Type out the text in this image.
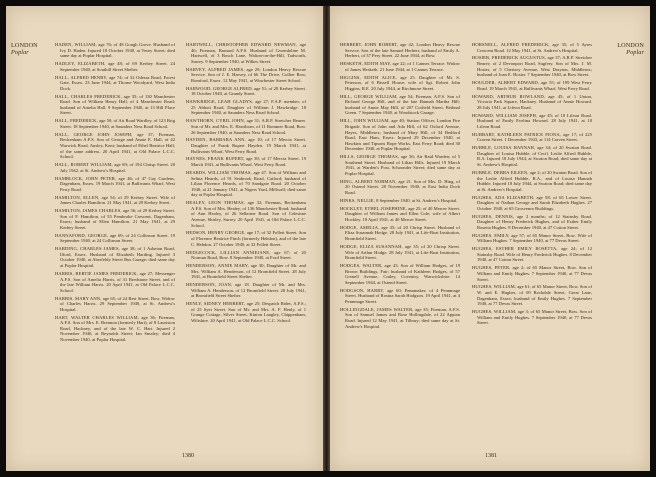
LONDON
Poplar

HADEN, WILLIAM, age 76; of 48 Gough Grove. Husband of Ivy D. Haden. Injured 18 October 1940, at Vesey Street; died same day at Poplar Hospital.

HADLEY, ELIZABETH, age 48; of 69 Kerbey Street. 24 September 1940, at Southill Street Shelter.

HALL, ALFRED HENRY, age 74; of 32 Odessa Road, Forest Gate, Essex. 23 June 1944, at Thorne Woodyard, West India Dock.

HALL, CHARLES FREDERICK, age 35; of 130 Manchester Road. Son of William Henry Hall, of 4 Manchester Road; husband of Amelia Hall. 9 September 1940, at 13 Hill Place Street.

HALL, FREDERICK, age 50; of Ait Road Wardley, of 123 Brig Street. 18 September 1940, at Saunders Ness Road School.

HALL, GEORGE JOHN JOSEPH, age 37; Fireman, Beckenham A.F.S. Son of George and Annie E. Hall, of 42 Warwick Road, Ansley, Kent; husband of Ethel Beatrice Hall, of the same address. 20 April 1941, at Old Palace L.C.C. School.

HALL, ROBERT WILLIAM, age 69; of 194 Chrisp Street. 20 July 1942, at St. Andrew's Hospital.

HAMBLOCK, JOHN PETER, age 46; of 47 Gay Gardens, Dagenham, Essex. 19 March 1941, at Bullivants Wharf, West Ferry Road.

HAMILTON, ELLEN, age 54; of 29 Kerbey Street. Wife of James Charles Hamilton. 21 May 1941, at 29 Kerbey Street.

HAMILTON, JAMES CHARLES, age 56; of 29 Kerbey Street. Son of F. Hamilton, of 55 Pembroke Crescent, Dagenham, Essex; husband of Ellen Hamilton. 21 May 1941, at 29 Kerbey Street.

HANNAFORD, GEORGE, age 69; of 24 Collinson Street. 19 September 1940, at 24 Collinson Street.

HARDING, CHARLES JAMES, age 38; of 1 Asheton Road, Ilford, Essex. Husband of Elizabeth Harding. Injured 3 October 1940, at Aberfeldy Street Bus Garage; died same day at Poplar Hospital.

HARRIS, BERTIE JAMES FREDERICK, age 27; Messenger A.F.S. Son of Amelia Harris, of 31 Bredstone Street, and of the late William Harris. 20 April 1941, at Old Palace L.C.C. School.

HARRIS, MARY ANN, age 65; of 24 Rest Street, Bow. Widow of Charles Harris. 29 September 1940, at St. Andrew's Hospital.

HART, WALTER CHARLES WILLIAM, age 36; Fireman, A.F.S. Son of Mrs. E. Brennon (formerly Hart), of 8 Lauriston Road, Hackney, and of the late W. C. Hart. Injured 2 November 1940, at Reynolds Street; Ian Smaley; died 4 November 1940, at Poplar Hospital.

HARTWELL, CHRISTOPHER EDWARD NEWMAN, age 46; Fireman, Barnard A.F.S. Husband of Gwendoline M. Hartwell, of 3 Bosch Lane, Walton-on-the-Hill, Tadworth, Surrey. 9 September 1940, at Wilkes Street.

HARVEY, ALFRED JAMES, age 29; London Heavy Rescue Service. Son of J. E. Harvey, of 66 The Drive, Collier Row, Romford, Essex. 12 May 1941, at Winchester Street School.

HARWOOD, GEORGE ALFRED, age 51; of 28 Kerbey Street. 18 October 1940, at Grundy Street.

HAWKRIDGE, LEAH GLADYS, age 27; F.A.P. member; of 25 Abbott Road. Daughter of William J. Hawkridge. 18 September 1940, at Saunders Ness Road School.

HAWTHORN, CYRIL JOHN, age 31; A.R.P. Stretcher Bearer. Son of Mr. and Mrs. E. Hawthorn, of 11 Rommer Road, Bow. 26 September 1940, at Saunders Ness Road School.

HAYDEN, BARBARA ANN, age 10; of 17 Mercia Street. Daughter of Frank Rupert Hayden. 19 March 1941, at Bullivants Wharf, West Ferry Road.

HAYNES, FRANK RUPERT, age 39; of 17 Mercia Street. 19 March 1941, at Bullivants Wharf, West Ferry Road.

HEARDS, WILLIAM THOMAS, age 47. Son of William and Selina Heards, of 91 Seabrook Road, Catford; husband of Lilian Florence Heards, of 70 Sandgate Road. 20 October 1940, at 21 January 1941, at Nigers Yard, Millwall; died same day at Poplar Hospital.

HEALEY, LEON THOMAS, age 32; Fireman, Beckenham A.F.S. Son of Mrs. Healey, of 136 Manchester Road; husband of Ann Healey, of 26 Selborne Road. Son of Celestine Avenue, Shirley, Surrey. 20 April 1941, at Old Palace L.C.C. School.

HEDSON, HENRY GEORGE, age 17; of 32 Follett Street. Son of Florence Beatrice Finch (formerly Hebdon), and of the late C. Hebdon. 27 October 1940, at 32 Follett Street.

HEDGECOCK, LILLIAN ANNIEJANE, age 67; of 20 Norman Road, Bow. 8 September 1940, at Ford Street.

HENDERSON, ANNIE MARY, age 30; Daughter of Mr. and Mrs. William A. Henderson, of 12 Bromfield Street. 28 July 1941, at Bromfield Street Shelter.

HENDERSON, JOAN, age 18. Daughter of Mr. and Mrs. William A. Henderson, of 12 Bromfield Street. 28 July 1941, at Bromfield Street Shelter.

HENLY, SIDNEY HERBERT, age 25; Despatch Rider, A.F.S.; of 25 Syer Street. Son of Mr. and Mrs. A. F. Henly, of 1 Grange Cottage, Silver Street, Kinton Langley, Chippenham, Wiltshire. 20 April 1941, at Old Palace L.C.C. School.

1380
LONDON
Poplar

HERBERT, JOHN ROBERT, age 42; London Heavy Rescue Service. Son of the late Samuel Herbert; husband of Emily A. Herbert, of 37 Pery Street. 22 June 1944, at Bow.

HESKETH, EDITH MAY, age 22; of 1 Cannes Terrace. Widow of James Hesketh. 21 June 1944, at 1 Cannes Terrace.

HIGGINS, EDITH ALICE, age 25. Daughter of Mr. S. Peterson, of 6 Bissell House; wife of Sgt. Robert John Higgins, R.E. 20 July 1944, at Birchmore Street.

HILL, GEORGE WILLIAM, age 54; Fireman, A.F.S. Son of Richard George Hill, and of the late Hannah Martha Hill; husband of Annie May Hill, of 207 Cotfield Street, Bethnal Green. 7 September 1940, at Woodstock Garage.

HILL, JOHN WILLIAM, age 40; Station Officer, London Fire Brigade. Son of John and Ada Hill, of 62 Oxford Avenue, Hayes, Middlesex; husband of Mary Hill, of 34 Bedford Road, East Ham, Essex. Injured 29 December 1940, at Hawkins and Tipsons Rope Works, East Ferry Road; died 30 December 1940, at Poplar Hospital.

HILLS, GEORGE THOMAS, age 36; Air Raid Warden; of 5 Southend Street. Husband of Lilian Hills. Injured 19 March 1941, at Warden's Post, Schoonder Street; died same day at Poplar Hospital.

HING, ALBERT NORMAN, age 21. Son of Mrs. D. Hing, of 20 Ostend Street. 28 November 1940, at East India Dock Road.

HINKS, NELLIE, 8 September 1940, at St. Andrew's Hospital.

HOCKLEY, ETHEL JOSEPHINE, age 25; of 40 Mercer Street. Daughter of William James and Ellen Cole; wife of Albert Hockley. 18 April 1941, at 40 Mercer Street.

HODGE, AMELIA, age 35; of 20 Chrisp Street. Husband of Eliza Susannah Hodge. 28 July 1941, at Life-Boat Institution, Bromfield Street.

HODGE, ELIZA SUSANNAH, age 35; of 20 Chrisp Street. Wife of Arthur Hodge. 28 July 1941, at Life-Boat Institution, Bromfield Street.

HODGES, WALTER, age 43. Son of William Hodges, of 19 Brown Buildings, Fair; husband of Kathleen Hodges, of 57 Grenell Avenue, Cutley, Coventry, Warwickshire. 14 September 1944, at Ostend Street.

HODGSON, HARRY, age 60; Pennmaker; of 4 Pennmage Street. Husband of Rosina Sarah Hodgson. 19 April 1941, at 4 Pennmage Street.

HOLLINGDALE, JAMES WALTER, age 35; Fireman, A.F.S. Son of Samuel James and Rose Hollingdale, of 22 Appian Road. Injured 12 May 1941, at Tilbury; died same day at St. Andrew's Hospital.

HORSNELL, ALFRED FREDERICK, age 35; of 5 Ayres Crescent Road. 12 May 1941, at St. Andrew's Hospital.

HOSIER, FREDERICK AUGUSTUS, age 37; A.R.P. Stretcher Bearer; of 2 Devonport Road, Sugfery. Son of Mrs. J. M. Hosier, of 5 Chertsey Avenue, West Drayton, Middlesex; husband of Joan E. Hosier. 7 September 1940, at Bow Street.

HOULDER, ALBERT EDWARD, age 55; of 199 West Ferry Road. 19 March 1941, at Bullivants Wharf, West Ferry Road.

HOWARD, ARTHUR ROWLAND, age 45; of 1 Union, Victoria Park Square, Hackney. Husband of Annie Howard. 28 July 1941, at Lifeon Road.

HOWARD, WILLIAM JOSEPH, age 45; of 10 Lifeon Road. Husband of Emily Evelina Howard. 28 July 1941, at 10 Lifeon Road.

HUBBART, KATHLEEN PATRICE FIONA, age 17; of 225 Craven Street. 1 December 1943, at 114 Craven Street.

HUBBLE, LOUISA HANNAH, age 34; of 20 Swaton Road. Daughter of Louisa Hubble, of Cecil, Leslie Alfred Hubble, R.A. Injured 18 July 1944, at Swaton Road; died same day at St. Andrew's Hospital.

HUBBLE, DEBRA EILEEN, age 2; of 20 Swaton Road. Son of the Leslie Alfred Hubble, R.A., and of Louisa Hannah Hubble. Injured 18 July 1944, at Swaton Road; died same day at St. Andrew's Hospital.

HUGHES, ADA ELIZABETH, age 58; of 65 Lower Street. Daughter of Nathan George and Sarah Elizabeth Hughes. 27 October 1940, at 65 Grosvenor Buildings.

HUGHES, DENNIS, age 2 months; of 12 Stainsby Road. Daughter of Henry Frederick Hughes, and of Esther Emily Rosetta Hughes. 8 December 1940, at 47 Cotton Street.

HUGHES, EMILY, age 57; of 65 Manor Street, Bow. Wife of William Hughes. 7 September 1940, at 77 Devas Street.

HUGHES, ESTHER EMILY ROSETTA, age 24; of 12 Stainsby Road. Wife of Henry Frederick Hughes. 8 December 1940, at 47 Cotton Street.

HUGHES, PETER, age 2; of 65 Manor Street, Bow. Son of William and Emily Hughes. 7 September 1940, at 77 Devas Street.

HUGHES, WILLIAM, age 61; of 65 Manor Street, Bow. Son of W. and E. Hughes, of 69 Rockdale Street, Great Lane, Dagenham, Essex; husband of Emily Hughes. 7 September 1940, at 77 Devas Street.

HUGHES, WILLIAM, age 3; of 65 Manor Street, Bow. Son of William and Emily Hughes. 7 September 1940, at 77 Devas Street.

1381
